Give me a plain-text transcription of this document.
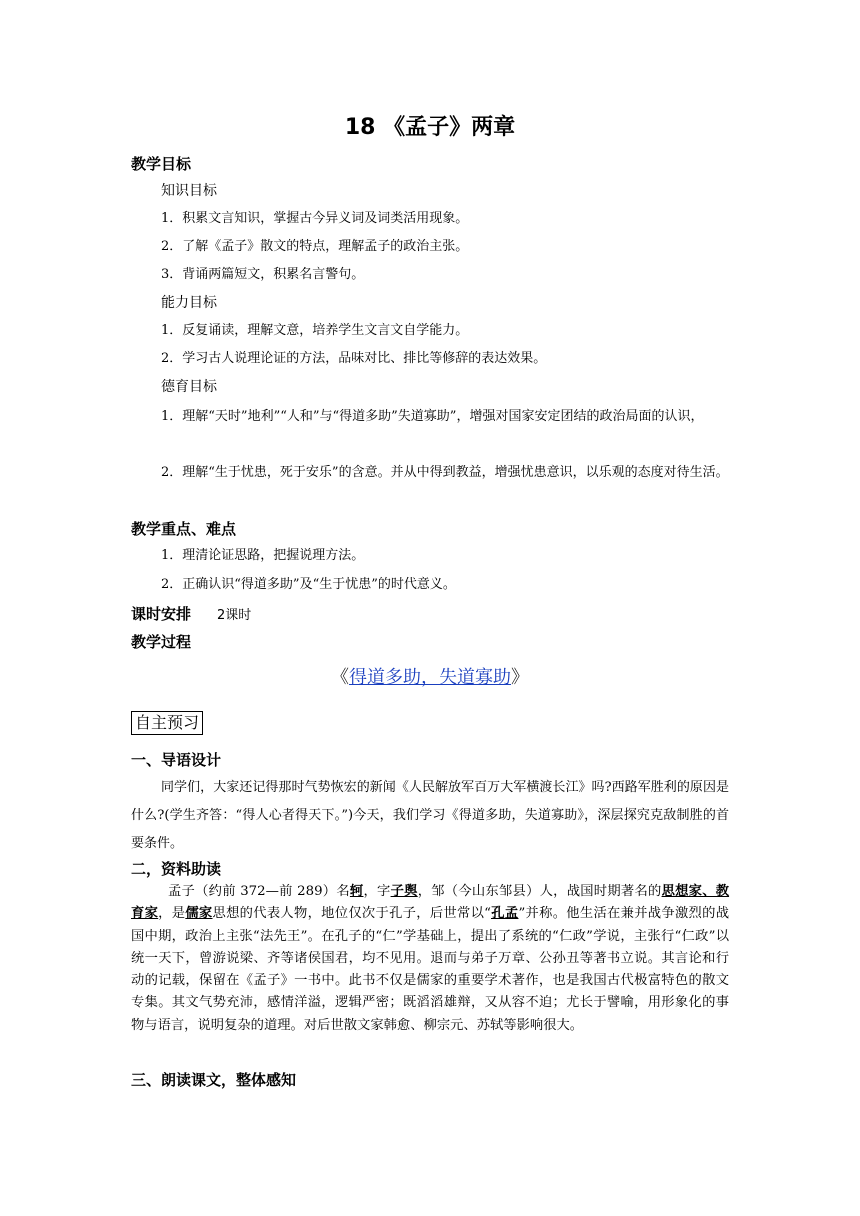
18 《孟子》两章
教学目标
知识目标
1．积累文言知识，掌握古今异义词及词类活用现象。
2．了解《孟子》散文的特点，理解孟子的政治主张。
3．背诵两篇短文，积累名言警句。
能力目标
1．反复诵读，理解文意，培养学生文言文自学能力。
2．学习古人说理论证的方法，品味对比、排比等修辞的表达效果。
德育目标
1．理解“天时”地利”“人和”与“得道多助”失道寡助”，增强对国家安定团结的政治局面的认识，
2．理解“生于忧患，死于安乐”的含意。并从中得到教益，增强忧患意识，以乐观的态度对待生活。
教学重点、难点
1．理清论证思路，把握说理方法。
2．正确认识“得道多助”及“生于忧患”的时代意义。
课时安排 2课时
教学过程
《得道多助，失道寡助》
自主预习
一、导语设计
同学们，大家还记得那时气势恢宏的新闻《人民解放军百万大军横渡长江》吗?西路军胜利的原因是什么?(学生齐答：“得人心者得天下。”)今天，我们学习《得道多助，失道寡助》，深层探究克敌制胜的首要条件。
二，资料助读
孟子（约前 372—前 289）名轲，字子舆，邹（今山东邹县）人，战国时期著名的思想家、教育家，是儒家思想的代表人物，地位仅次于孔子，后世常以“孔孟”并称。他生活在兼并战争激烈的战国中期，政治上主张“法先王”。在孔子的“仁”学基础上，提出了系统的“仁政”学说，主张行“仁政”以统一天下，曾游说梁、齐等诸侯国君，均不见用。退而与弟子万章、公孙丑等著书立说。其言论和行动的记载，保留在《孟子》一书中。此书不仅是儒家的重要学术著作，也是我国古代极富特色的散文专集。其文气势充沛，感情洋溢，逻辑严密；既滔滔雄辩，又从容不迫；尤长于譬喻，用形象化的事物与语言，说明复杂的道理。对后世散文家韩愈、柳宗元、苏轼等影响很大。
三、朗读课文，整体感知
